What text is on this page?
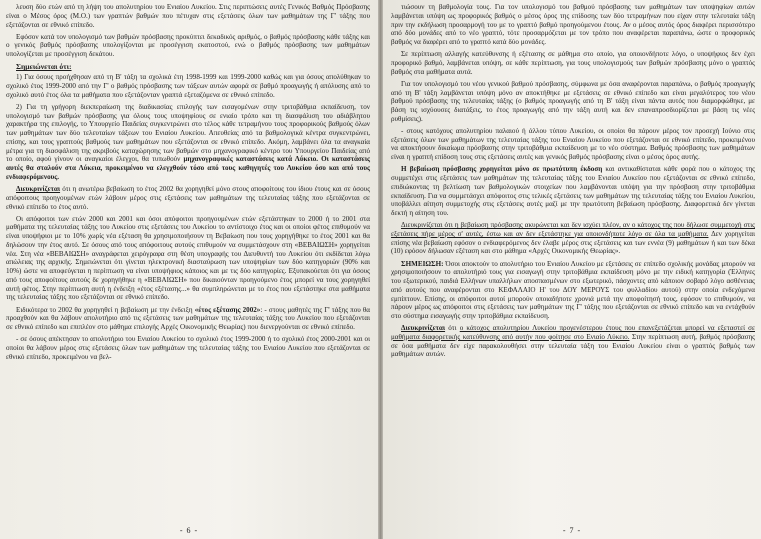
λευση δύο ετών από τη λήψη του απολυτηρίου του Ενιαίου Λυκείου. Στις περιπτώσεις αυτές Γενικός Βαθμός Πρόσβασης είναι ο Μέσος όρος (Μ.Ο.) των γραπτών βαθμών που πέτυχαν στις εξετάσεις όλων των μαθημάτων της Γ' τάξης που εξετάζονται σε εθνικό επίπεδο.

Εφόσον κατά τον υπολογισμό των βαθμών πρόσβασης προκύπτει δεκαδικός αριθμός, ο βαθμός πρόσβασης κάθε τάξης και ο γενικός βαθμός πρόσβασης υπολογίζονται με προσέγγιση εκατοστού, ενώ ο βαθμός πρόσβασης των μαθημάτων υπολογίζεται με προσέγγιση δεκάτου.

Σημειώνεται ότι:

1) Για όσους προήχθησαν από τη Β' τάξη τα σχολικά έτη 1998-1999 και 1999-2000 καθώς και για όσους απολύθηκαν το σχολικό έτος 1999-2000 από την Γ' ο βαθμός πρόσβασης των τάξεων αυτών αφορά σε βαθμό προαγωγής ή απόλυσης από το σχολικό αυτό έτος όλα τα μαθήματα που εξετάζονταν γραπτά εξεταζόμενα σε εθνικό επίπεδο.

2) Για τη γρήγορη διεκπεραίωση της διαδικασίας επιλογής των εισαγομένων στην τριτοβάθμια εκπαίδευση, τον υπολογισμό των βαθμών πρόσβασης για όλους τους υποψηφίους σε ενιαίο τρόπο και τη διασφάλιση του αδιάβλητου χαρακτήρα της επιλογής, το Υπουργείο Παιδείας συγκεντρώνει στο τέλος κάθε τετραμήνου τους προφορικούς βαθμούς όλων των μαθημάτων των δύο τελευταίων τάξεων του Ενιαίου Λυκείου. Απευθείας από τα βαθμολογικά κέντρα συγκεντρώνει, επίσης, και τους γραπτούς βαθμούς των μαθημάτων που εξετάζονται σε εθνικό επίπεδο. Ακόμη, λαμβάνει όλα τα αναγκαία μέτρα για τη διασφάλιση της ακριβούς καταχώρησης των βαθμών στο μηχανογραφικό κέντρο του Υπουργείου Παιδείας από το οποίο, αφού γίνουν οι αναγκαίοι έλεγχοι, θα τυπωθούν μηχανογραφικές καταστάσεις κατά Λύκειο. Οι καταστάσεις αυτές θα σταλούν στα Λύκεια, προκειμένου να ελεγχθούν τόσο από τους καθηγητές του Λυκείου όσο και από τους ενδιαφερόμενους.

Διευκρινίζεται ότι η ανωτέρω βεβαίωση το έτος 2002 θα χορηγηθεί μόνο στους αποφοίτους του ίδιου έτους και σε όσους απόφοιτους προηγουμένων ετών λάβουν μέρος στις εξετάσεις των μαθημάτων της τελευταίας τάξης που εξετάζονται σε εθνικό επίπεδο το έτος αυτό.

Οι απόφοιτοι των ετών 2000 και 2001 και όσοι απόφοιτοι προηγουμένων ετών εξετάστηκαν το 2000 ή το 2001 στα μαθήματα της τελευταίας τάξης του Λυκείου στις εξετάσεις του Λυκείου το αντίστοιχο έτος και οι οποίοι φέτος επιθυμούν να είναι υποψήφιοι με το 10% χωρίς νέα εξέταση θα χρησιμοποιήσουν τη Βεβαίωση που τους χορηγήθηκε το έτος 2001 και θα δηλώσουν την έτος αυτό. Σε όσους από τους απόφοιτους αυτούς επιθυμούν να συμμετάσχουν στη «ΒΕΒΑΙΩΣΗ» χορηγείται νέα. Στη νέα «ΒΕΒΑΙΩΣΗ» αναγράφεται χειρόγραφα στη θέση υπογραφής του Διευθυντή του Λυκείου ότι εκδίδεται λόγω απώλειας της αρχικής. Σημειώνεται ότι γίνεται ηλεκτρονική διασταύρωση των υποψηφίων των δύο κατηγοριών (90% και 10%) ώστε να αποφεύγεται η περίπτωση να είναι υποψήφιος κάποιος και με τις δύο κατηγορίες. Εξυπακούεται ότι για όσους από τους αποφοίτους αυτούς δε χορηγήθηκε η «ΒΕΒΑΙΩΣΗ» που δικαιούνταν προηγούμενο έτος μπορεί να τους χορηγηθεί αυτή φέτος. Στην περίπτωση αυτή η ένδειξη «έτος εξέτασης...» θα συμπληρώνεται με το έτος που εξετάστηκε στα μαθήματα της τελευταίας τάξης που εξετάζονται σε εθνικό επίπεδο.

Ειδικότερα το 2002 θα χορηγηθεί η βεβαίωση με την ένδειξη «έτος εξέτασης 2002»: - στους μαθητές της Γ' τάξης που θα προαχθούν και θα λάβουν απολυτήριο από τις εξετάσεις των μαθημάτων της τελευταίας τάξης του Λυκείου που εξετάζονται σε εθνικό επίπεδο και επιπλέον στο μάθημα επιλογής Αρχές Οικονομικής Θεωρίας) που διενεργούνται σε εθνικό επίπεδο.

- σε όσους απέκτησαν το απολυτήριο του Ενιαίου Λυκείου το σχολικό έτος 1999-2000 ή το σχολικό έτος 2000-2001 και οι οποίοι θα λάβουν μέρος στις εξετάσεις όλων των μαθημάτων της τελευταίας τάξης του Ενιαίου Λυκείου που εξετάζονται σε εθνικό επίπεδο, προκειμένου να βελ-

- 6 -

τιώσουν τη βαθμολογία τους. Για τον υπολογισμό του βαθμού πρόσβασης των μαθημάτων των υποψηφίων αυτών λαμβάνεται υπόψη ως προφορικός βαθμός ο μέσος όρος της επίδοσης των δύο τετραμήνων που είχαν στην τελευταία τάξη πριν την εκδήλωση προσαρμογή του με το γραπτό βαθμό προηγούμενου έτους. Αν ο μέσος αυτός όρος διαφέρει περισσότερο από δύο μονάδες από το νέο γραπτό, τότε προσαρμόζεται με τον τρόπο που αναφέρεται παραπάνω, ώστε ο προφορικός βαθμός να διαφέρει από το γραπτό κατά δύο μονάδες.

Σε περίπτωση αλλαγής κατεύθυνσης ή εξέτασης σε μάθημα στο οποίο, για οποιονδήποτε λόγο, ο υποψήφιος δεν έχει προφορικό βαθμό, λαμβάνεται υπόψη, σε κάθε περίπτωση, για τους υπολογισμούς των βαθμών πρόσβασης μόνο ο γραπτός βαθμός στα μαθήματα αυτά.

Για τον υπολογισμό του νέου γενικού βαθμού πρόσβασης, σύμφωνα με όσα αναφέρονται παραπάνω, ο βαθμός προαγωγής από τη Β' τάξη λαμβάνεται υπόψη μόνο αν αποκτήθηκε με εξετάσεις σε εθνικό επίπεδο και είναι μεγαλύτερος του νέου βαθμού πρόσβασης της τελευταίας τάξης (ο βαθμός προαγωγής από τη Β' τάξη είναι πάντα αυτός που διαμορφώθηκε, με βάση τις ισχύουσες διατάξεις, το έτος προαγωγής από την τάξη αυτή και δεν επαναπροσδιορίζεται με βάση τις νέες ρυθμίσεις).

- στους κατόχους απολυτηρίου παλαιού ή άλλου τύπου Λυκείου, οι οποίοι θα πάρουν μέρος τον προσεχή Ιούνιο στις εξετάσεις όλων των μαθημάτων της τελευταίας τάξης του Ενιαίου Λυκείου που εξετάζονται σε εθνικό επίπεδο, προκειμένου να αποκτήσουν δικαίωμα πρόσβασης στην τριτοβάθμια εκπαίδευση με το νέο σύστημα. Βαθμός πρόσβασης των μαθημάτων είναι η γραπτή επίδοση τους στις εξετάσεις αυτές και γενικός βαθμός πρόσβασης είναι ο μέσος όρος αυτής.

Η βεβαίωση πρόσβασης χορηγείται μόνο σε πρωτότυπη έκδοση και αντικαθίσταται κάθε φορά που ο κάτοχος της συμμετέχει στις εξετάσεις των μαθημάτων της τελευταίας τάξης του Ενιαίου Λυκείου που εξετάζονται σε εθνικό επίπεδο, επιδιώκοντας τη βελτίωση των βαθμολογικών στοιχείων που λαμβάνονται υπόψη για την πρόσβαση στην τριτοβάθμια εκπαίδευση. Για να συμμετάσχει απόφοιτος στις τελικές εξετάσεις των μαθημάτων της τελευταίας τάξης του Ενιαίου Λυκείου, υποβάλλει αίτηση συμμετοχής στις εξετάσεις αυτές μαζί με την πρωτότυπη βεβαίωση πρόσβασης. Διαφορετικά δεν γίνεται δεκτή η αίτηση του.

Διευκρινίζεται ότι η βεβαίωση πρόσβασης ακυρώνεται και δεν ισχύει πλέον, αν ο κάτοχος της που δήλωσε συμμετοχή στις εξετάσεις πήρε μέρος σ' αυτές, έστω και αν δεν εξετάστηκε για οποιονδήποτε λόγο σε όλα τα μαθήματα. Δεν χορηγείται επίσης νέα βεβαίωση εφόσον ο ενδιαφερόμενος δεν έλαβε μέρος στις εξετάσεις και των εννέα (9) μαθημάτων ή και των δέκα (10) εφόσον δήλωσαν εξέταση και στο μάθημα «Αρχές Οικονομικής Θεωρίας».

ΣΗΜΕΙΩΣΗ: Όσοι αποκτούν το απολυτήριο του Ενιαίου Λυκείου με εξετάσεις σε επίπεδο σχολικής μονάδας μπορούν να χρησιμοποιήσουν το απολυτήριό τους για εισαγωγή στην τριτοβάθμια εκπαίδευση μόνο με την ειδική κατηγορία (Έλληνες του εξωτερικού, παιδιά Ελλήνων υπαλλήλων αποσπασμένων στο εξωτερικό, πάσχοντες από κάποιον σοβαρό λόγο ασθένειας από αυτούς που αναφέρονται στο ΚΕΦΑΛΑΙΟ Η' του ΔΟΥ ΜΕΡΟΥΣ του φυλλαδίου αυτού) στην οποία ενδεχόμενα εμπίπτουν. Επίσης, οι απόφοιτοι αυτοί μπορούν οποιαδήποτε χρονιά μετά την αποφοίτησή τους, εφόσον το επιθυμούν, να πάρουν μέρος ως απόφοιτοι στις εξετάσεις των μαθημάτων της Γ' τάξης που εξετάζονται σε εθνικό επίπεδο και να εντάχθούν στο σύστημα εισαγωγής στην τριτοβάθμια εκπαίδευση.

Διευκρινίζεται ότι ο κάτοχος απολυτηρίου Λυκείου προγενέστερου έτους που επανεξετάζεται μπορεί να εξεταστεί σε μαθήματα διαφορετικής κατεύθυνσης από αυτήν που φοίτησε στο Ενιαίο Λύκειο. Στην περίπτωση αυτή, βαθμός πρόσβασης σε όσα μαθήματα δεν είχε παρακολουθήσει στην τελευταία τάξη του Ενιαίου Λυκείου είναι ο γραπτός βαθμός των μαθημάτων αυτών.

- 7 -
